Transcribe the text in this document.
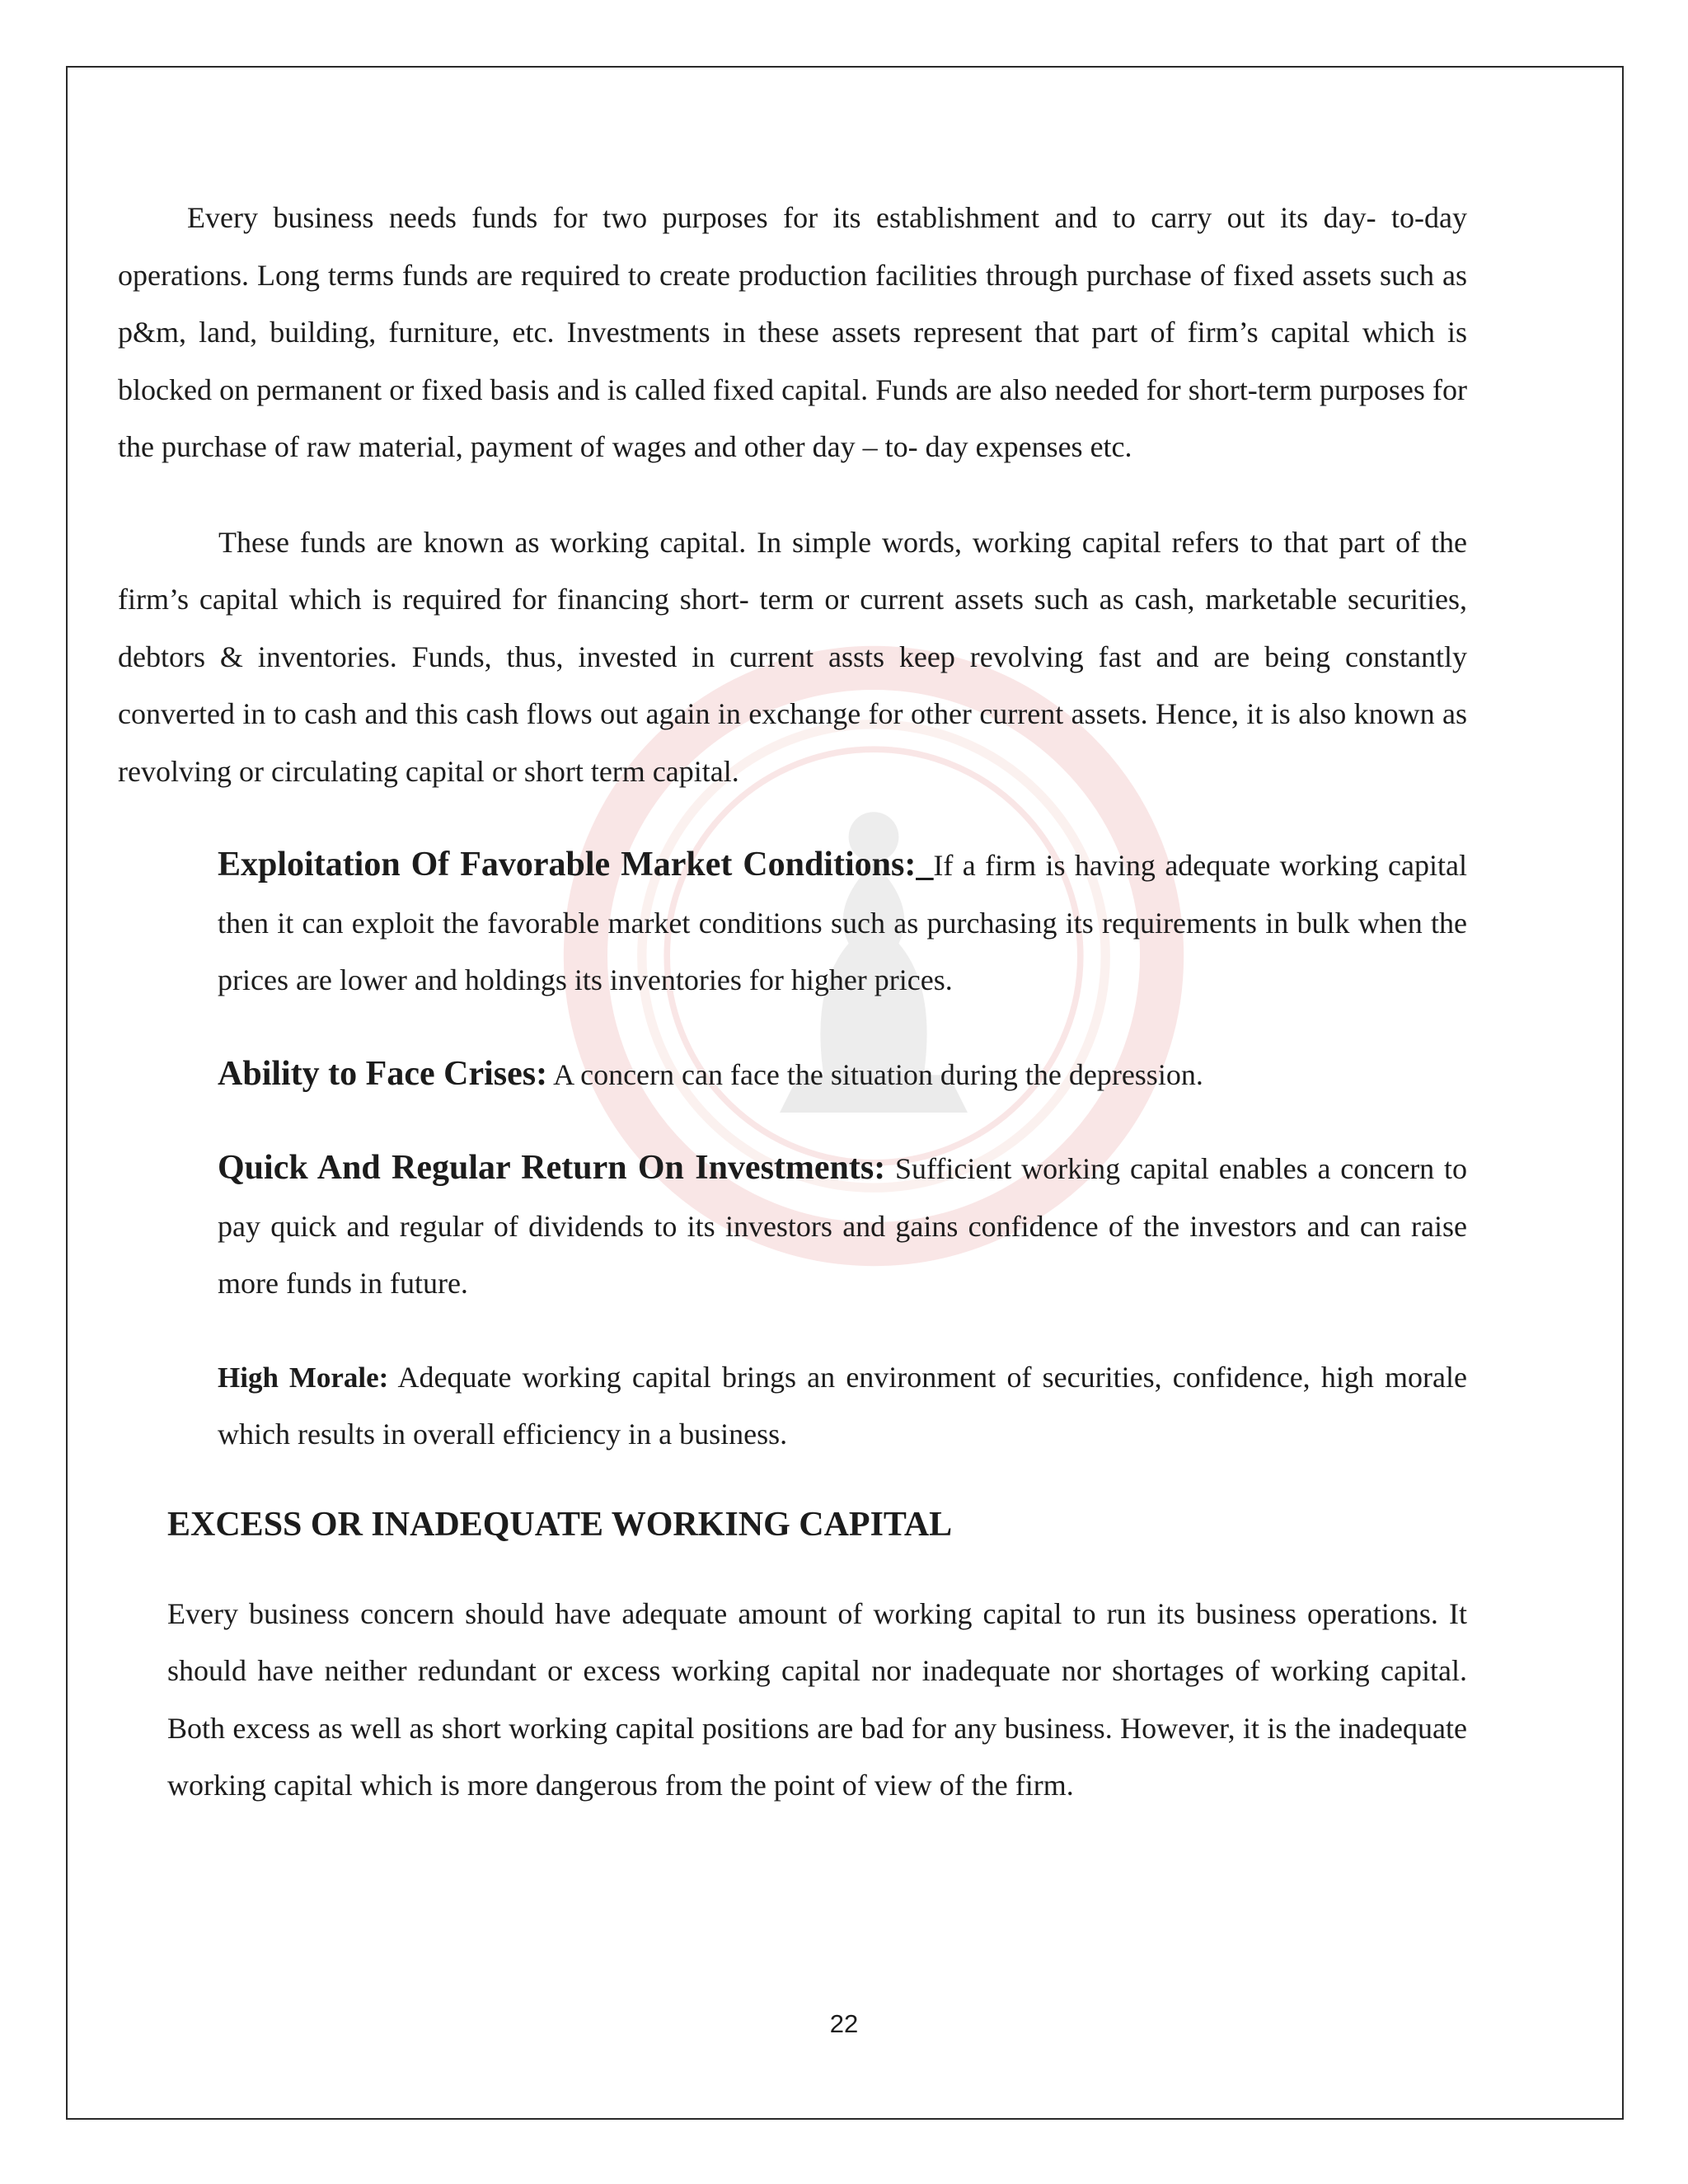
Every business needs funds for two purposes for its establishment and to carry out its day- to-day operations. Long terms funds are required to create production facilities through purchase of fixed assets such as p&m, land, building, furniture, etc. Investments in these assets represent that part of firm’s capital which is blocked on permanent or fixed basis and is called fixed capital. Funds are also needed for short-term purposes for the purchase of raw material, payment of wages and other day – to- day expenses etc.

These funds are known as working capital. In simple words, working capital refers to that part of the firm’s capital which is required for financing short- term or current assets such as cash, marketable securities, debtors & inventories. Funds, thus, invested in current assts keep revolving fast and are being constantly converted in to cash and this cash flows out again in exchange for other current assets. Hence, it is also known as revolving or circulating capital or short term capital.

Exploitation Of Favorable Market Conditions:_If a firm is having adequate working capital then it can exploit the favorable market conditions such as purchasing its requirements in bulk when the prices are lower and holdings its inventories for higher prices.
Ability to Face Crises: A concern can face the situation during the depression.
Quick And Regular Return On Investments: Sufficient working capital enables a concern to pay quick and regular of dividends to its investors and gains confidence of the investors and can raise more funds in future.
High Morale: Adequate working capital brings an environment of securities, confidence, high morale which results in overall efficiency in a business.
EXCESS OR INADEQUATE WORKING CAPITAL

Every business concern should have adequate amount of working capital to run its business operations. It should have neither redundant or excess working capital nor inadequate nor shortages of working capital. Both excess as well as short working capital positions are bad for any business. However, it is the inadequate working capital which is more dangerous from the point of view of the firm.

22
